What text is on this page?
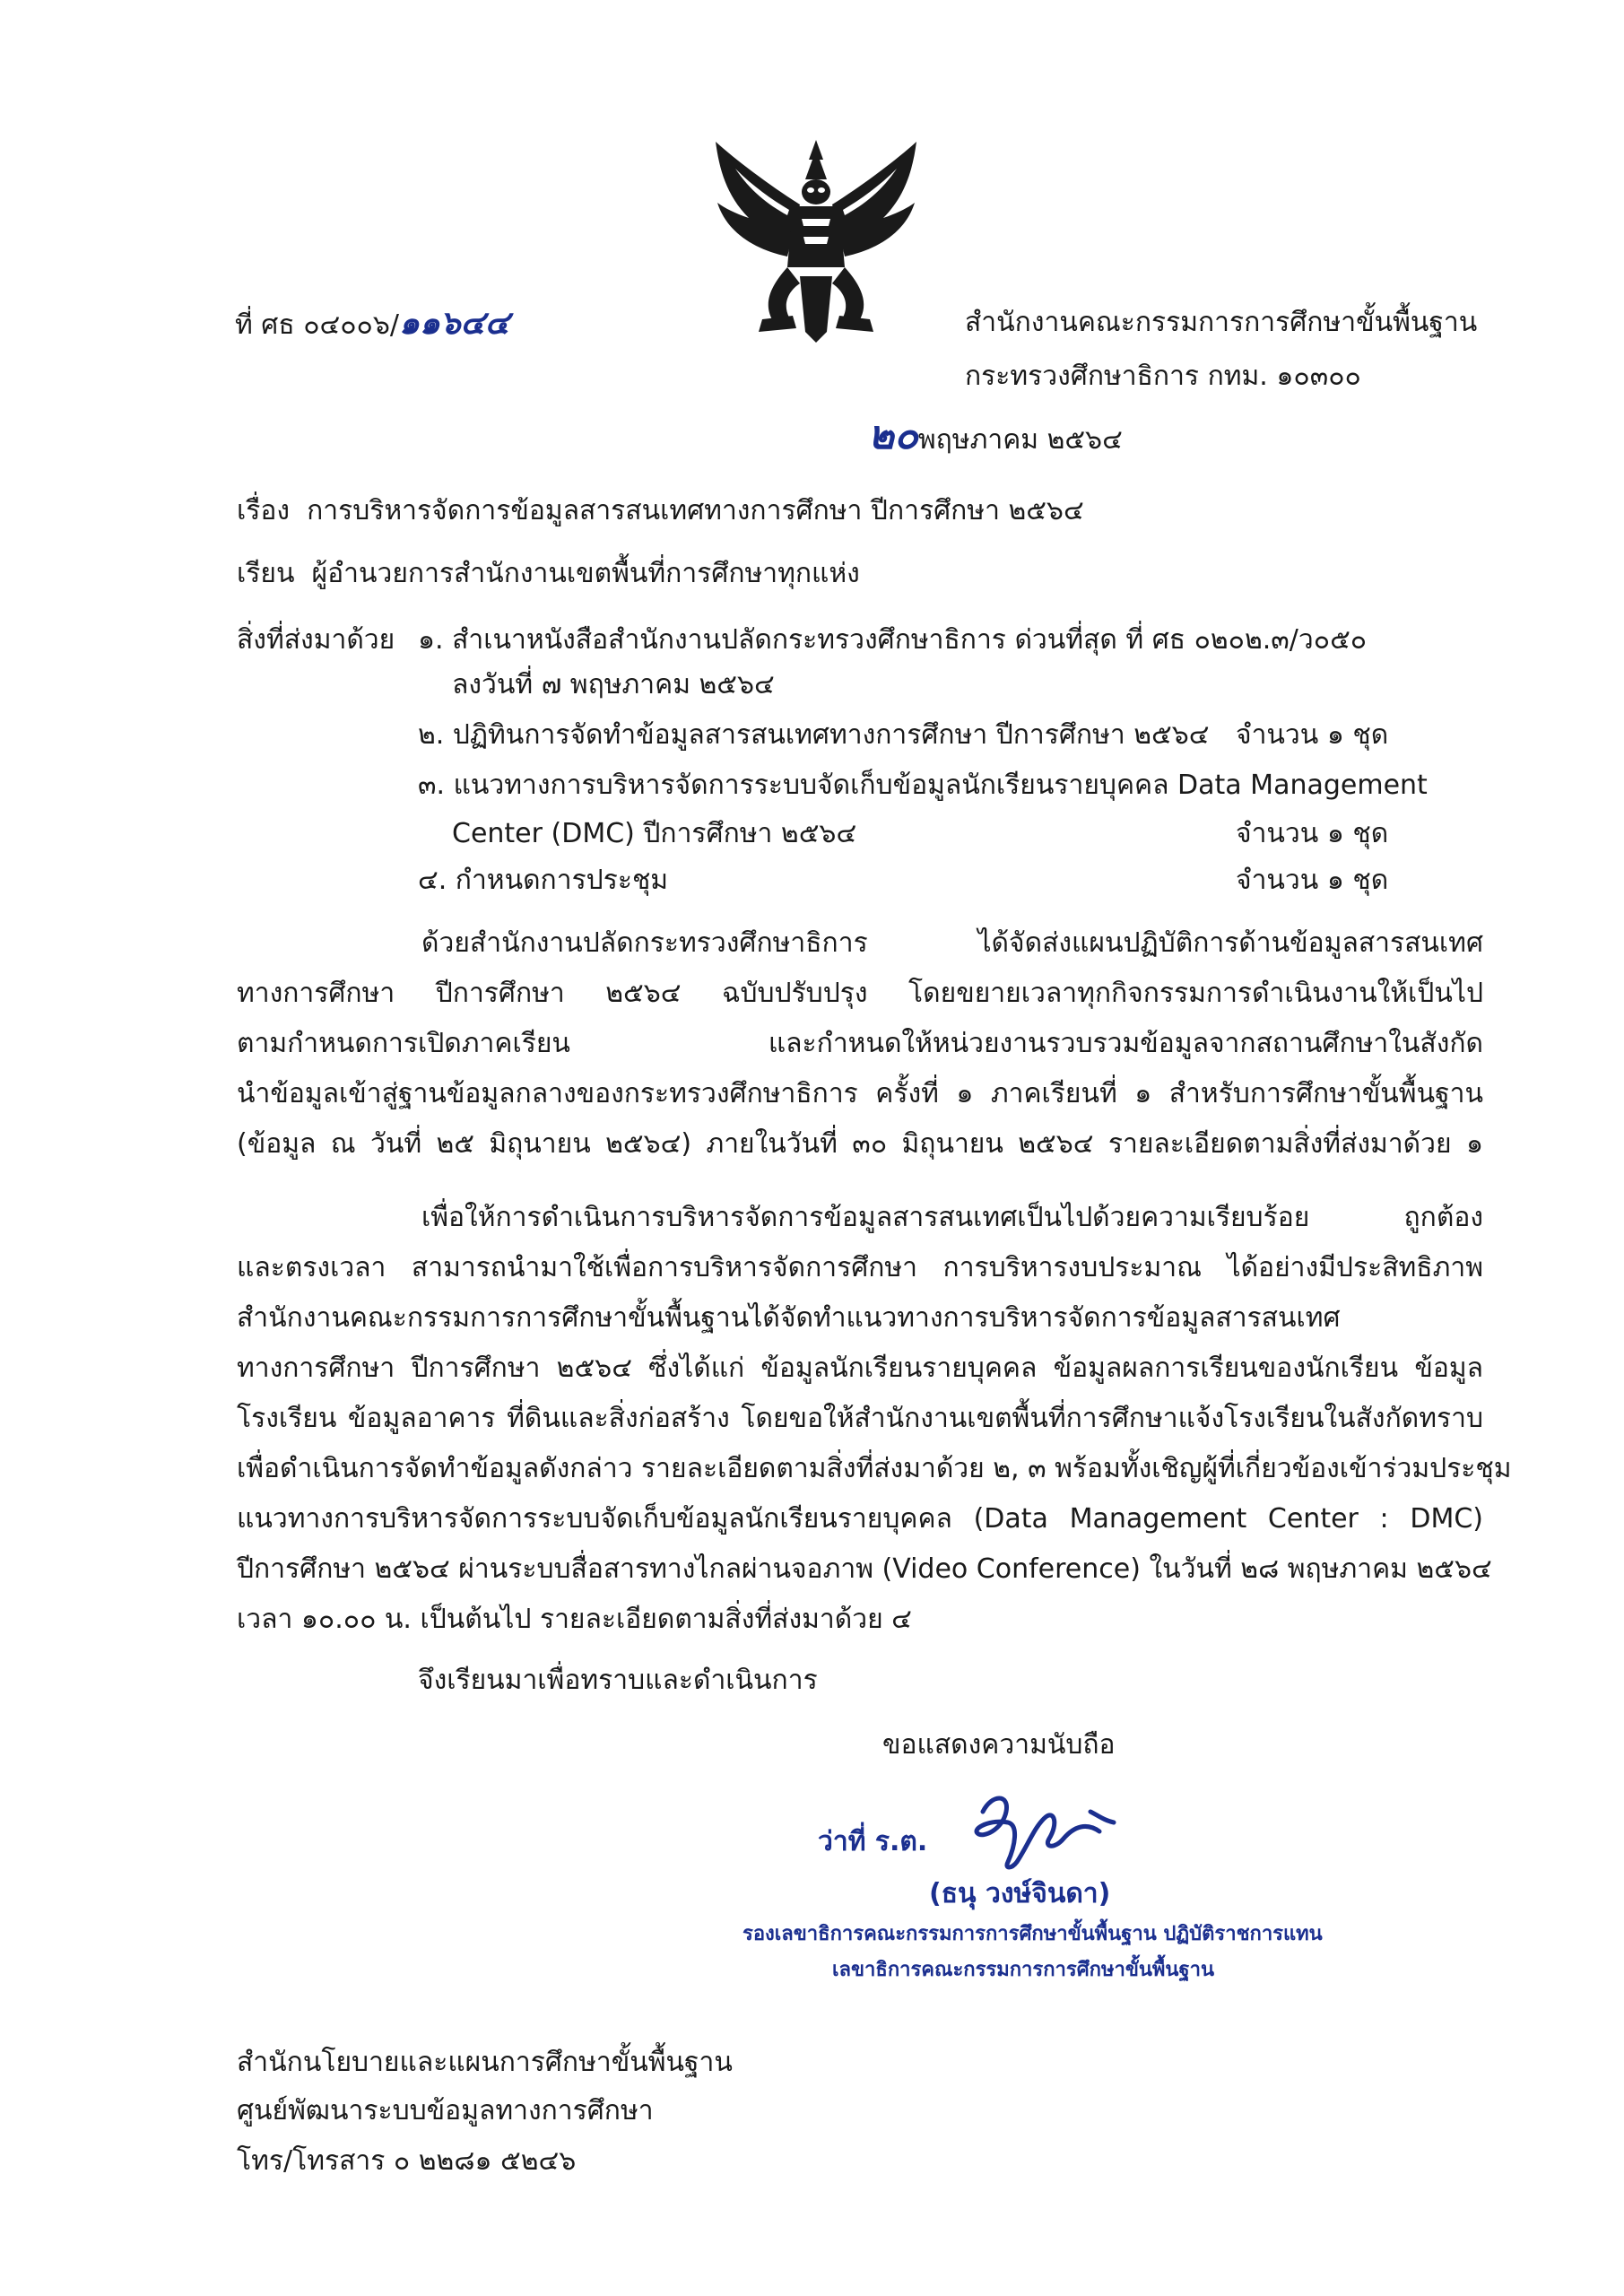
ที่ ศธ ๐๔๐๐๖/๑๑๖๔๔	สำนักงานคณะกรรมการการศึกษาขั้นพื้นฐาน
กระทรวงศึกษาธิการ กทม. ๑๐๓๐๐
๒๐พฤษภาคม ๒๕๖๔
เรื่อง การบริหารจัดการข้อมูลสารสนเทศทางการศึกษา ปีการศึกษา ๒๕๖๔
เรียน ผู้อำนวยการสำนักงานเขตพื้นที่การศึกษาทุกแห่ง
สิ่งที่ส่งมาด้วย ๑. สำเนาหนังสือสำนักงานปลัดกระทรวงศึกษาธิการ ด่วนที่สุด ที่ ศธ ๐๒๐๒.๓/ว๐๕๐
ลงวันที่ ๗ พฤษภาคม ๒๕๖๔
๒. ปฏิทินการจัดทำข้อมูลสารสนเทศทางการศึกษา ปีการศึกษา ๒๕๖๔ จำนวน ๑ ชุด
๓. แนวทางการบริหารจัดการระบบจัดเก็บข้อมูลนักเรียนรายบุคคล Data Management
Center (DMC) ปีการศึกษา ๒๕๖๔	จำนวน ๑ ชุด
๔. กำหนดการประชุม	จำนวน ๑ ชุด
ด้วยสำนักงานปลัดกระทรวงศึกษาธิการ ได้จัดส่งแผนปฏิบัติการด้านข้อมูลสารสนเทศ
ทางการศึกษา ปีการศึกษา ๒๕๖๔ ฉบับปรับปรุง โดยขยายเวลาทุกกิจกรรมการดำเนินงานให้เป็นไป
ตามกำหนดการเปิดภาคเรียน และกำหนดให้หน่วยงานรวบรวมข้อมูลจากสถานศึกษาในสังกัด
นำข้อมูลเข้าสู่ฐานข้อมูลกลางของกระทรวงศึกษาธิการ ครั้งที่ ๑ ภาคเรียนที่ ๑ สำหรับการศึกษาขั้นพื้นฐาน
(ข้อมูล ณ วันที่ ๒๕ มิถุนายน ๒๕๖๔) ภายในวันที่ ๓๐ มิถุนายน ๒๕๖๔ รายละเอียดตามสิ่งที่ส่งมาด้วย ๑
เพื่อให้การดำเนินการบริหารจัดการข้อมูลสารสนเทศเป็นไปด้วยความเรียบร้อย ถูกต้อง
และตรงเวลา สามารถนำมาใช้เพื่อการบริหารจัดการศึกษา การบริหารงบประมาณ ได้อย่างมีประสิทธิภาพ
สำนักงานคณะกรรมการการศึกษาขั้นพื้นฐานได้จัดทำแนวทางการบริหารจัดการข้อมูลสารสนเทศ
ทางการศึกษา ปีการศึกษา ๒๕๖๔ ซึ่งได้แก่ ข้อมูลนักเรียนรายบุคคล ข้อมูลผลการเรียนของนักเรียน ข้อมูล
โรงเรียน ข้อมูลอาคาร ที่ดินและสิ่งก่อสร้าง โดยขอให้สำนักงานเขตพื้นที่การศึกษาแจ้งโรงเรียนในสังกัดทราบ
เพื่อดำเนินการจัดทำข้อมูลดังกล่าว รายละเอียดตามสิ่งที่ส่งมาด้วย ๒, ๓ พร้อมทั้งเชิญผู้ที่เกี่ยวข้องเข้าร่วมประชุม
แนวทางการบริหารจัดการระบบจัดเก็บข้อมูลนักเรียนรายบุคคล (Data Management Center : DMC)
ปีการศึกษา ๒๕๖๔ ผ่านระบบสื่อสารทางไกลผ่านจอภาพ (Video Conference) ในวันที่ ๒๘ พฤษภาคม ๒๕๖๔
เวลา ๑๐.๐๐ น. เป็นต้นไป รายละเอียดตามสิ่งที่ส่งมาด้วย ๔
จึงเรียนมาเพื่อทราบและดำเนินการ
ขอแสดงความนับถือ
ว่าที่ ร.ต.
(ธนุ วงษ์จินดา)
รองเลขาธิการคณะกรรมการการศึกษาขั้นพื้นฐาน ปฏิบัติราชการแทน
เลขาธิการคณะกรรมการการศึกษาขั้นพื้นฐาน
สำนักนโยบายและแผนการศึกษาขั้นพื้นฐาน
ศูนย์พัฒนาระบบข้อมูลทางการศึกษา
โทร/โทรสาร ๐ ๒๒๘๑ ๕๒๔๖
